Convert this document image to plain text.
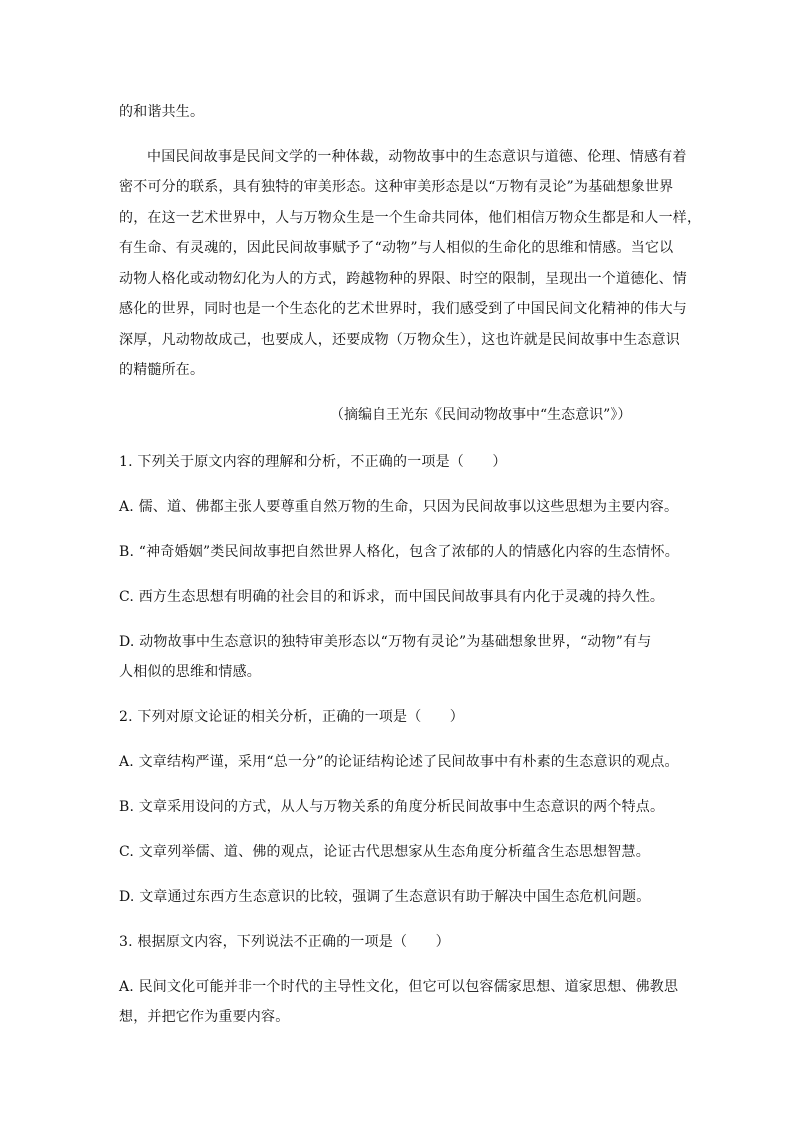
的和谐共生。
中国民间故事是民间文学的一种体裁，动物故事中的生态意识与道德、伦理、情感有着
密不可分的联系，具有独特的审美形态。这种审美形态是以“万物有灵论”为基础想象世界
的，在这一艺术世界中，人与万物众生是一个生命共同体，他们相信万物众生都是和人一样，
有生命、有灵魂的，因此民间故事赋予了“动物”与人相似的生命化的思维和情感。当它以
动物人格化或动物幻化为人的方式，跨越物种的界限、时空的限制，呈现出一个道德化、情
感化的世界，同时也是一个生态化的艺术世界时，我们感受到了中国民间文化精神的伟大与
深厚，凡动物故成己，也要成人，还要成物（万物众生），这也许就是民间故事中生态意识
的精髓所在。
（摘编自王光东《民间动物故事中“生态意识”》）
1. 下列关于原文内容的理解和分析，不正确的一项是（　　）
A. 儒、道、佛都主张人要尊重自然万物的生命，只因为民间故事以这些思想为主要内容。
B. “神奇婚姻”类民间故事把自然世界人格化，包含了浓郁的人的情感化内容的生态情怀。
C. 西方生态思想有明确的社会目的和诉求，而中国民间故事具有内化于灵魂的持久性。
D. 动物故事中生态意识的独特审美形态以“万物有灵论”为基础想象世界，“动物”有与
人相似的思维和情感。
2. 下列对原文论证的相关分析，正确的一项是（　　）
A. 文章结构严谨，采用“总一分”的论证结构论述了民间故事中有朴素的生态意识的观点。
B. 文章采用设问的方式，从人与万物关系的角度分析民间故事中生态意识的两个特点。
C. 文章列举儒、道、佛的观点，论证古代思想家从生态角度分析蕴含生态思想智慧。
D. 文章通过东西方生态意识的比较，强调了生态意识有助于解决中国生态危机问题。
3. 根据原文内容，下列说法不正确的一项是（　　）
A. 民间文化可能并非一个时代的主导性文化，但它可以包容儒家思想、道家思想、佛教思
想，并把它作为重要内容。
